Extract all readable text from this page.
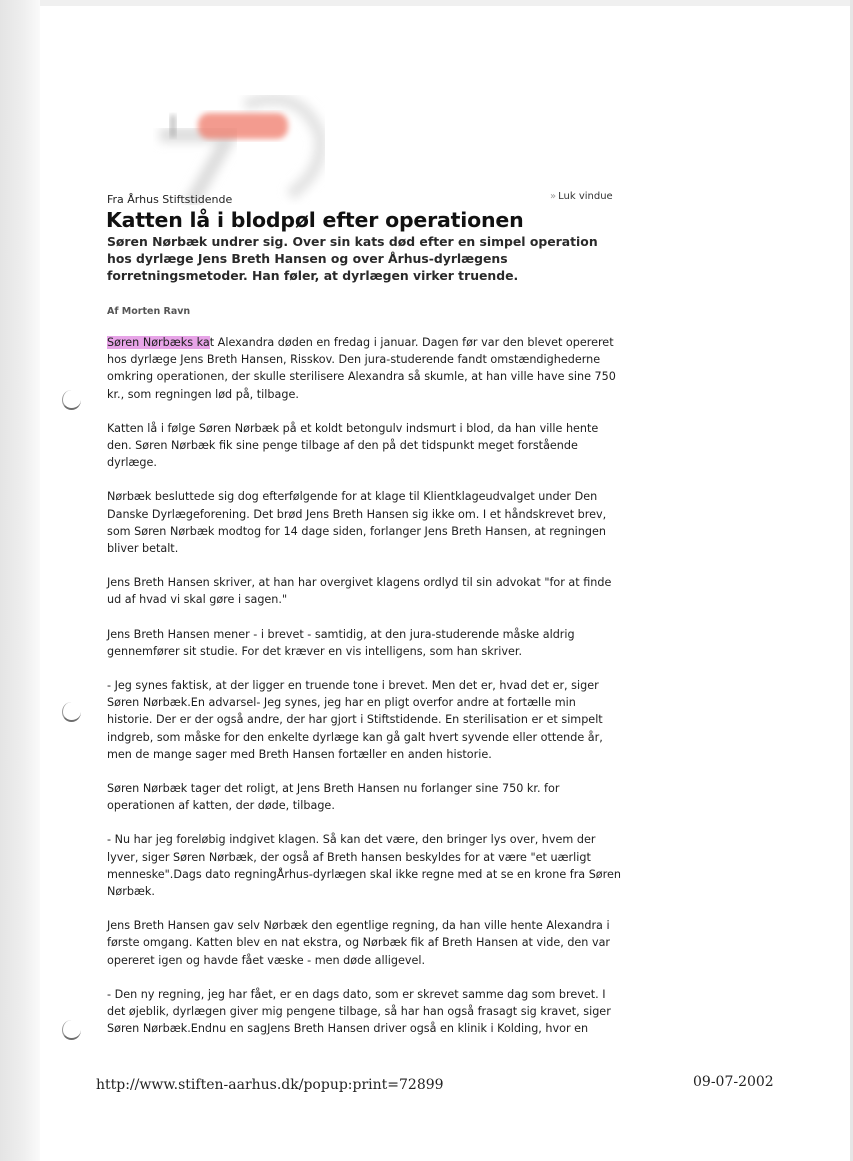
Fra Århus Stiftstidende	» Luk vindue
Katten lå i blodpøl efter operationen

Søren Nørbæk undrer sig. Over sin kats død efter en simpel operation hos dyrlæge Jens Breth Hansen og over Århus-dyrlægens forretningsmetoder. Han føler, at dyrlægen virker truende.

Af Morten Ravn

Søren Nørbæks kat Alexandra døden en fredag i januar. Dagen før var den blevet opereret hos dyrlæge Jens Breth Hansen, Risskov. Den jura-studerende fandt omstændighederne omkring operationen, der skulle sterilisere Alexandra så skumle, at han ville have sine 750 kr., som regningen lød på, tilbage.

Katten lå i følge Søren Nørbæk på et koldt betongulv indsmurt i blod, da han ville hente den. Søren Nørbæk fik sine penge tilbage af den på det tidspunkt meget forstående dyrlæge.

Nørbæk besluttede sig dog efterfølgende for at klage til Klientklageudvalget under Den Danske Dyrlægeforening. Det brød Jens Breth Hansen sig ikke om. I et håndskrevet brev, som Søren Nørbæk modtog for 14 dage siden, forlanger Jens Breth Hansen, at regningen bliver betalt.

Jens Breth Hansen skriver, at han har overgivet klagens ordlyd til sin advokat "for at finde ud af hvad vi skal gøre i sagen."

Jens Breth Hansen mener - i brevet - samtidig, at den jura-studerende måske aldrig gennemfører sit studie. For det kræver en vis intelligens, som han skriver.

- Jeg synes faktisk, at der ligger en truende tone i brevet. Men det er, hvad det er, siger Søren Nørbæk.En advarsel- Jeg synes, jeg har en pligt overfor andre at fortælle min historie. Der er der også andre, der har gjort i Stiftstidende. En sterilisation er et simpelt indgreb, som måske for den enkelte dyrlæge kan gå galt hvert syvende eller ottende år, men de mange sager med Breth Hansen fortæller en anden historie.

Søren Nørbæk tager det roligt, at Jens Breth Hansen nu forlanger sine 750 kr. for operationen af katten, der døde, tilbage.

- Nu har jeg foreløbig indgivet klagen. Så kan det være, den bringer lys over, hvem der lyver, siger Søren Nørbæk, der også af Breth hansen beskyldes for at være "et uærligt menneske".Dags dato regningÅrhus-dyrlægen skal ikke regne med at se en krone fra Søren Nørbæk.

Jens Breth Hansen gav selv Nørbæk den egentlige regning, da han ville hente Alexandra i første omgang. Katten blev en nat ekstra, og Nørbæk fik af Breth Hansen at vide, den var opereret igen og havde fået væske - men døde alligevel.

- Den ny regning, jeg har fået, er en dags dato, som er skrevet samme dag som brevet. I det øjeblik, dyrlægen giver mig pengene tilbage, så har han også frasagt sig kravet, siger Søren Nørbæk.Endnu en sagJens Breth Hansen driver også en klinik i Kolding, hvor en

http://www.stiften-aarhus.dk/popup:print=72899	09-07-2002
